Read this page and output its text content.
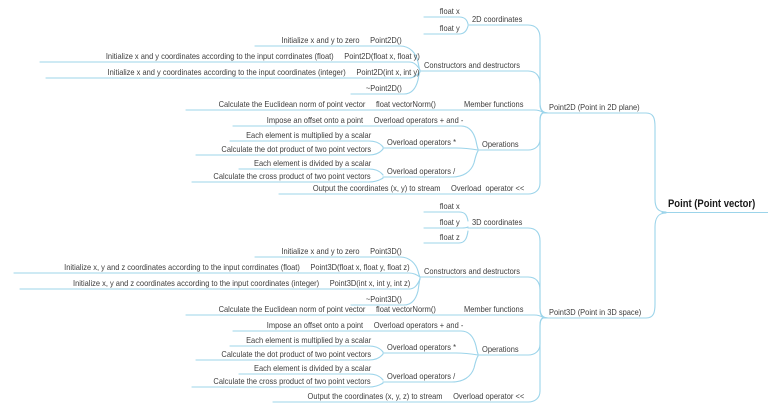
float x
float y
2D coordinates
Initialize x and y to zero Point2D()
Initialize x and y coordinates according to the input corrdinates (float) Point2D(float x, float y)
Initialize x and y coordinates according to the input coordinates (integer) Point2D(int x, int y)
~Point2D()
Constructors and destructors
Calculate the Euclidean norm of point vector float vectorNorm()	Member functions	Point2D (Point in 2D plane)
Impose an offset onto a point Overload operators + and -
Each element is multiplied by a scalar
Calculate the dot product of two point vectors
Overload operators *
Each element is divided by a scalar
Calculate the cross product of two point vectors Overload operators /
Operations
Output the coordinates (x, y) to stream Overload  operator <<
Point (Point vector)
float x
float y
float z
3D coordinates
Initialize x and y to zero Point3D()
Initialize x, y and z coordinates according to the input corrdinates (float) Point3D(float x, float y, float z)
Initialize x, y and z coordinates according to the input coordinates (integer) Point3D(int x, int y, int z)
~Point3D()
Constructors and destructors
Calculate the Euclidean norm of point vector float vectorNorm()	Member functions	Point3D (Point in 3D space)
Impose an offset onto a point Overload operators + and -
Each element is multiplied by a scalar
Calculate the dot product of two point vectors
Overload operators *
Each element is divided by a scalar
Calculate the cross product of two point vectors Overload operators /
Operations
Output the coordinates (x, y, z) to stream Overload operator <<
